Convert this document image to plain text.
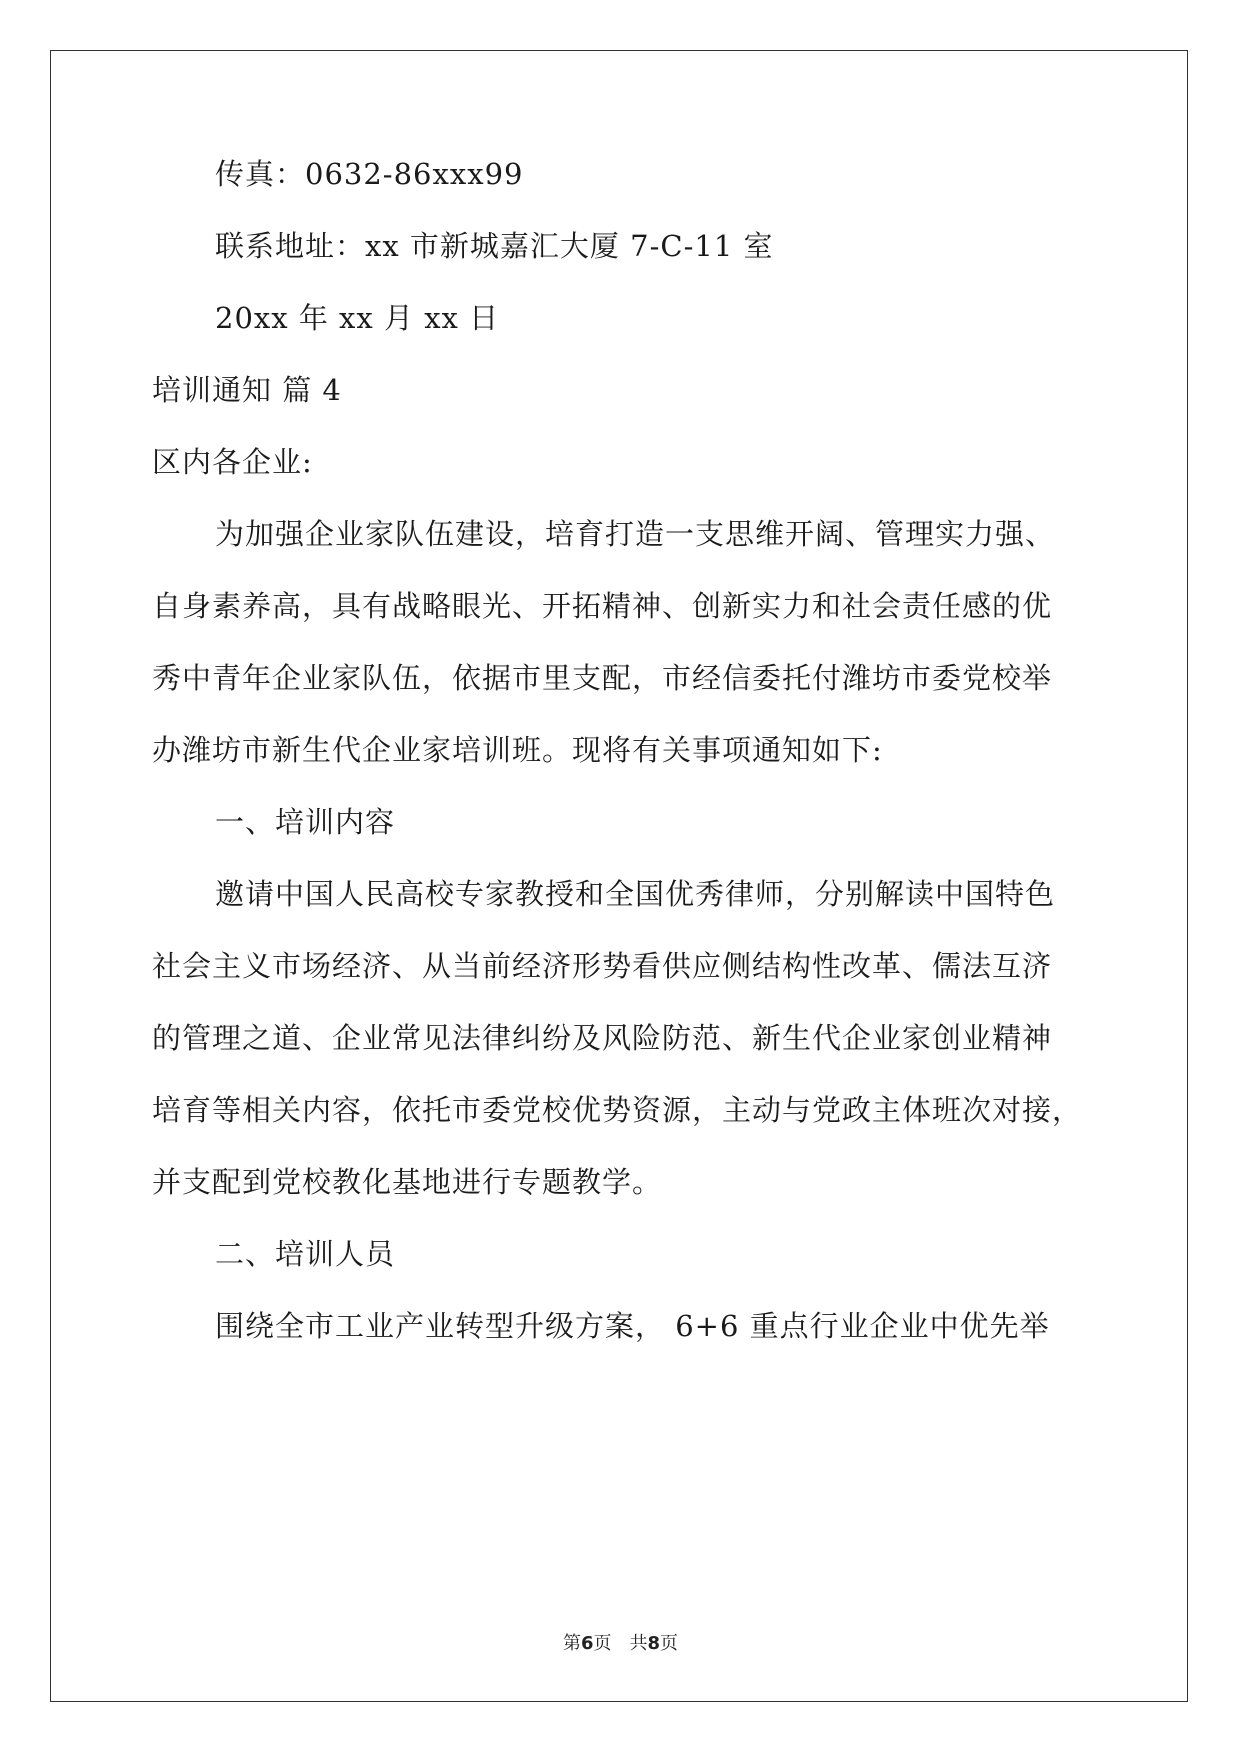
传真：0632-86xxx99
联系地址：xx 市新城嘉汇大厦 7-C-11 室
20xx 年 xx 月 xx 日
培训通知 篇 4
区内各企业:
为加强企业家队伍建设，培育打造一支思维开阔、管理实力强、
自身素养高，具有战略眼光、开拓精神、创新实力和社会责任感的优
秀中青年企业家队伍，依据市里支配，市经信委托付潍坊市委党校举
办潍坊市新生代企业家培训班。现将有关事项通知如下:
一、培训内容
邀请中国人民高校专家教授和全国优秀律师，分别解读中国特色
社会主义市场经济、从当前经济形势看供应侧结构性改革、儒法互济
的管理之道、企业常见法律纠纷及风险防范、新生代企业家创业精神
培育等相关内容，依托市委党校优势资源，主动与党政主体班次对接，
并支配到党校教化基地进行专题教学。
二、培训人员
围绕全市工业产业转型升级方案， 6+6 重点行业企业中优先举
第6页 共8页
